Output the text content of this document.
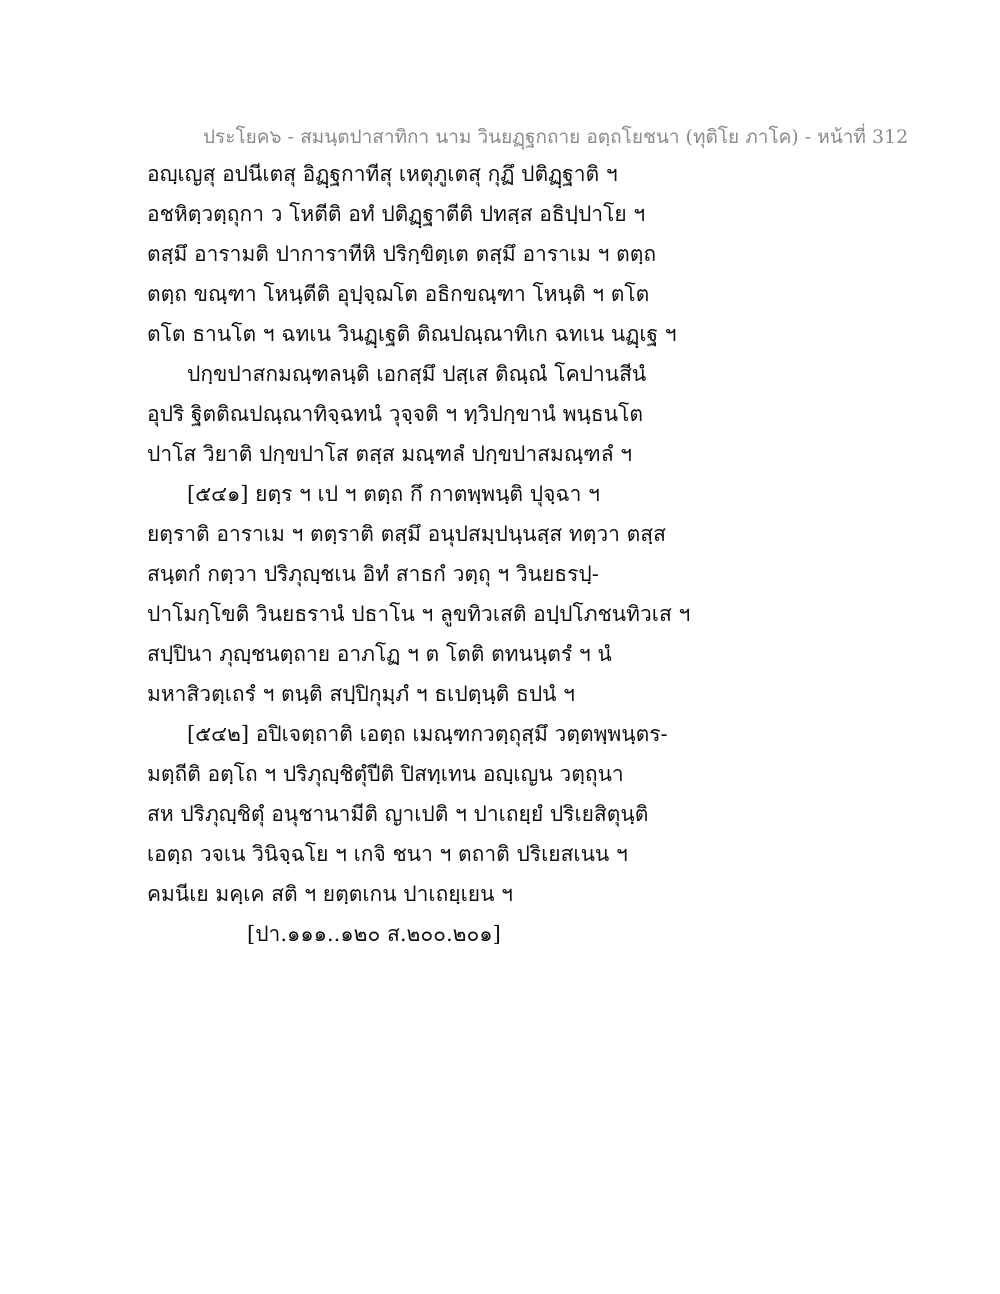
ประโยค๖ - สมนฺตปาสาทิกา นาม วินยฏฺฐกถาย อตฺถโยชนา (ทุติโย ภาโค) - หน้าที่ 312
อญฺเญสุ อปนีเตสุ อิฏฺฐกาทีสุ เหตุภูเตสุ กุฏึ ปติฏฺฐาติ ฯ
อชหิตฺวตฺถุกา ว โหตีติ อทํ ปติฏฺฐาตีติ ปทสฺส อธิปฺปาโย ฯ
ตสฺมึ อารามติ ปาการาทีหิ ปริกฺขิตฺเต ตสฺมึ อาราเม ฯ ตตฺถ
ตตฺถ ขณฺฑา โหนฺตีติ อุปฺจฺฌโต อธิกขณฺฑา โหนฺติ ฯ ตโต
ตโต ธานโต ฯ ฉทเน วินฏฺเฐติ ติณปณฺณาทิเก ฉทเน นฏฺเฐ ฯ
ปกฺขปาสกมณฺฑลนฺติ เอกสฺมึ ปสฺเส ติณฺณํ โคปานสีนํ
อุปริ ฐิตติณปณฺณาทิจฺฉทนํ วุจฺจติ ฯ ทฺวิปกฺขานํ พนฺธนโต
ปาโส วิยาติ ปกฺขปาโส ตสฺส มณฺฑลํ ปกฺขปาสมณฺฑลํ ฯ
[๕๔๑] ยตฺร ฯ เป ฯ ตตฺถ กึ กาตพฺพนฺติ ปุจฺฉา ฯ
ยตฺราติ อาราเม ฯ ตตฺราติ ตสฺมึ อนุปสมฺปนฺนสฺส ทตฺวา ตสฺส
สนฺตกํ กตฺวา ปริภุญฺชเน อิทํ สาธกํ วตฺถุ ฯ วินยธรปฺ-
ปาโมกฺโขติ วินยธรานํ ปธาโน ฯ ลูขทิวเสติ อปฺปโภชนทิวเส ฯ
สปฺปินา ภุญฺชนตฺถาย อาภโฏ ฯ ต โตติ ตทนนฺตรํ ฯ นํ
มหาสิวตฺเถรํ ฯ ตนฺติ สปฺปิกุมฺภํ ฯ ธเปตฺนฺติ ธปนํ ฯ
[๕๔๒] อปิเจตฺถาติ เอตฺถ เมณฺฑกวตฺถุสฺมึ วตฺตพฺพนฺตร-
มตฺถีติ อตฺโถ ฯ ปริภุญฺชิตุํปีติ ปิสทฺเทน อญฺเญน วตฺถุนา
สห ปริภุญฺชิตุํ อนุชานามีติ ญาเปติ ฯ ปาเถยฺยํ ปริเยสิตุนฺติ
เอตฺถ วจเน วินิจฺฉโย ฯ เกจิ ชนา ฯ ตถาติ ปริเยสเนน ฯ
คมนีเย มคฺเค สติ ฯ ยตฺตเกน ปาเถยฺเยน ฯ
[ปา.๑๑๑..๑๒๐ ส.๒๐๐.๒๐๑]
